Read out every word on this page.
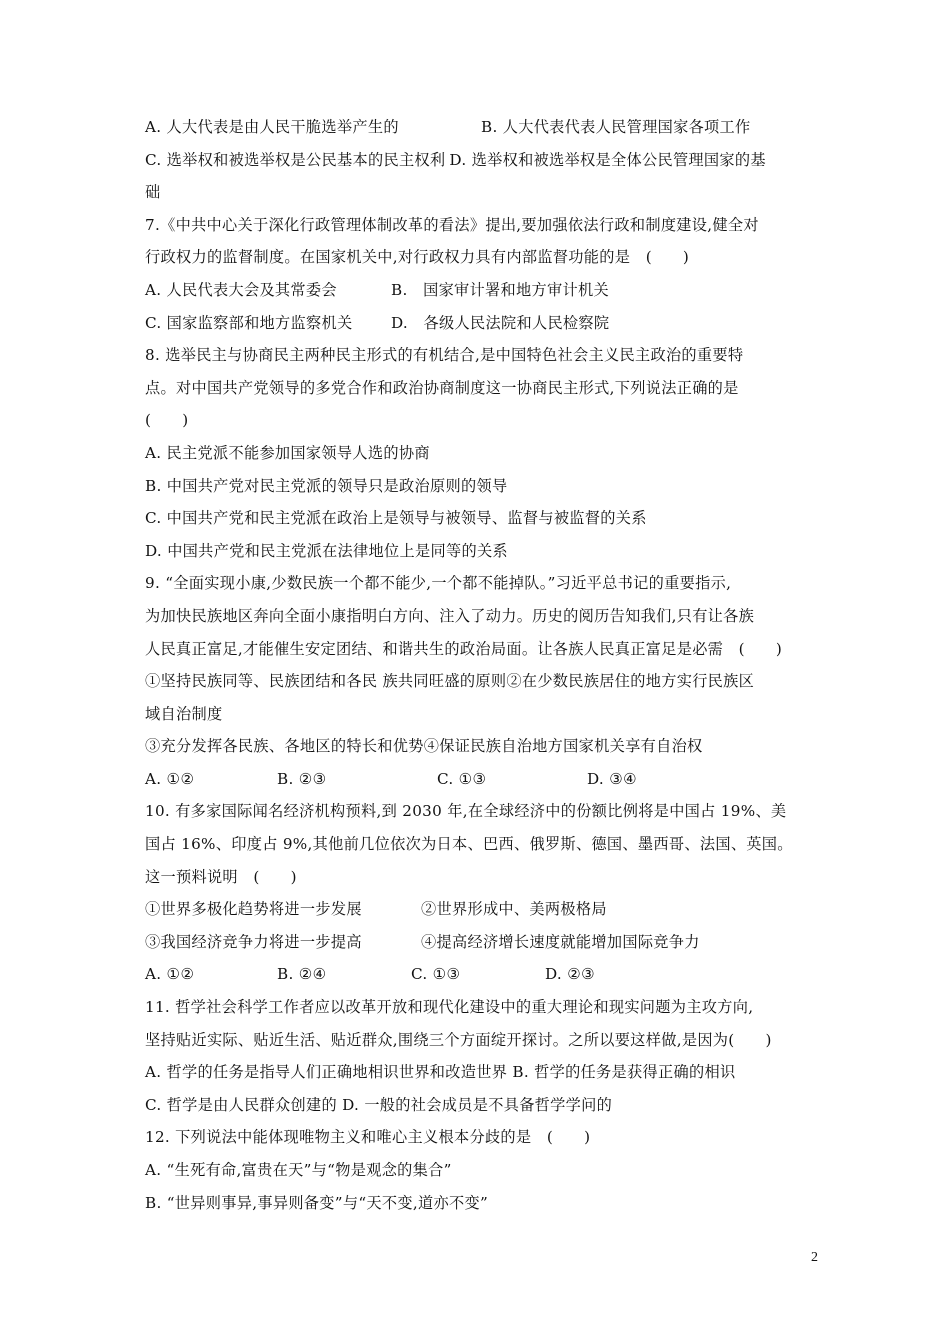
A. 人大代表是由人民干脆选举产生的	B. 人大代表代表人民管理国家各项工作
C. 选举权和被选举权是公民基本的民主权利 D. 选举权和被选举权是全体公民管理国家的基
础
7.《中共中心关于深化行政管理体制改革的看法》提出,要加强依法行政和制度建设,健全对
行政权力的监督制度。在国家机关中,对行政权力具有内部监督功能的是　(　　)
A. 人民代表大会及其常委会	B.　国家审计署和地方审计机关
C. 国家监察部和地方监察机关	D.　各级人民法院和人民检察院
8. 选举民主与协商民主两种民主形式的有机结合,是中国特色社会主义民主政治的重要特
点。对中国共产党领导的多党合作和政治协商制度这一协商民主形式,下列说法正确的是
(　　)
A. 民主党派不能参加国家领导人选的协商
B. 中国共产党对民主党派的领导只是政治原则的领导
C. 中国共产党和民主党派在政治上是领导与被领导、监督与被监督的关系
D. 中国共产党和民主党派在法律地位上是同等的关系
9. “全面实现小康,少数民族一个都不能少,一个都不能掉队。”习近平总书记的重要指示,
为加快民族地区奔向全面小康指明白方向、注入了动力。历史的阅历告知我们,只有让各族
人民真正富足,才能催生安定团结、和谐共生的政治局面。让各族人民真正富足是必需　(　　)
①坚持民族同等、民族团结和各民 族共同旺盛的原则②在少数民族居住的地方实行民族区
域自治制度
③充分发挥各民族、各地区的特长和优势④保证民族自治地方国家机关享有自治权
A. ①②	B. ②③	C. ①③	D. ③④
10. 有多家国际闻名经济机构预料,到 2030 年,在全球经济中的份额比例将是中国占 19%、美
国占 16%、印度占 9%,其他前几位依次为日本、巴西、俄罗斯、德国、墨西哥、法国、英国。
这一预料说明　(　　)
①世界多极化趋势将进一步发展	②世界形成中、美两极格局
③我国经济竞争力将进一步提高	④提高经济增长速度就能增加国际竞争力
A. ①②	B. ②④	C. ①③	D. ②③
11. 哲学社会科学工作者应以改革开放和现代化建设中的重大理论和现实问题为主攻方向,
坚持贴近实际、贴近生活、贴近群众,围绕三个方面绽开探讨。之所以要这样做,是因为(　　)
A. 哲学的任务是指导人们正确地相识世界和改造世界 B. 哲学的任务是获得正确的相识
C. 哲学是由人民群众创建的 D. 一般的社会成员是不具备哲学学问的
12. 下列说法中能体现唯物主义和唯心主义根本分歧的是　(　　)
A. “生死有命,富贵在天”与“物是观念的集合”
B. “世异则事异,事异则备变”与“天不变,道亦不变”
2
